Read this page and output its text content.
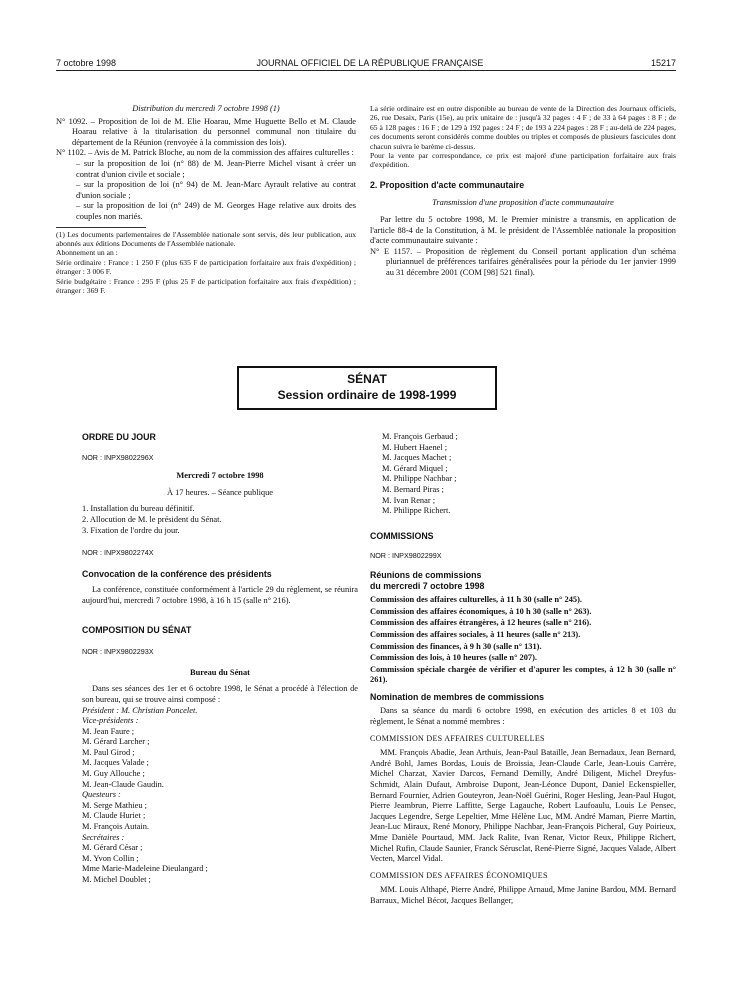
7 octobre 1998	JOURNAL OFFICIEL DE LA RÉPUBLIQUE FRANÇAISE	15217

Distribution du mercredi 7 octobre 1998 (1)

N° 1092. – Proposition de loi de M. Elie Hoarau, Mme Huguette Bello et M. Claude Hoarau relative à la titularisation du personnel communal non titulaire du département de la Réunion (renvoyée à la commission des lois).

N° 1102. – Avis de M. Patrick Bloche, au nom de la commission des affaires culturelles :

– sur la proposition de loi (n° 88) de M. Jean-Pierre Michel visant à créer un contrat d'union civile et sociale ;

– sur la proposition de loi (n° 94) de M. Jean-Marc Ayrault relative au contrat d'union sociale ;

– sur la proposition de loi (n° 249) de M. Georges Hage relative aux droits des couples non mariés.

(1) Les documents parlementaires de l'Assemblée nationale sont servis, dès leur publication, aux abonnés aux éditions Documents de l'Assemblée nationale.

Abonnement un an :

Série ordinaire : France : 1 250 F (plus 635 F de participation forfaitaire aux frais d'expédition) ; étranger : 3 006 F.

Série budgétaire : France : 295 F (plus 25 F de participation forfaitaire aux frais d'expédition) ; étranger : 369 F.

La série ordinaire est en outre disponible au bureau de vente de la Direction des Journaux officiels, 26, rue Desaix, Paris (15e), au prix unitaire de : jusqu'à 32 pages : 4 F ; de 33 à 64 pages : 8 F ; de 65 à 128 pages : 16 F ; de 129 à 192 pages : 24 F ; de 193 à 224 pages : 28 F ; au-delà de 224 pages, ces documents seront considérés comme doubles ou triples et composés de plusieurs fascicules dont chacun suivra le barème ci-dessus.

Pour la vente par correspondance, ce prix est majoré d'une participation forfaitaire aux frais d'expédition.

2. Proposition d'acte communautaire

Transmission d'une proposition d'acte communautaire

Par lettre du 5 octobre 1998, M. le Premier ministre a transmis, en application de l'article 88-4 de la Constitution, à M. le président de l'Assemblée nationale la proposition d'acte communautaire suivante :

N° E 1157. – Proposition de règlement du Conseil portant application d'un schéma pluriannuel de préférences tarifaires généralisées pour la période du 1er janvier 1999 au 31 décembre 2001 (COM [98] 521 final).

SÉNAT
Session ordinaire de 1998-1999

ORDRE DU JOUR

NOR : INPX9802296X

Mercredi 7 octobre 1998

À 17 heures. – Séance publique

1. Installation du bureau définitif.

2. Allocution de M. le président du Sénat.

3. Fixation de l'ordre du jour.

NOR : INPX9802274X

Convocation de la conférence des présidents

La conférence, constituée conformément à l'article 29 du règlement, se réunira aujourd'hui, mercredi 7 octobre 1998, à 16 h 15 (salle n° 216).

COMPOSITION DU SÉNAT

NOR : INPX9802293X

Bureau du Sénat

Dans ses séances des 1er et 6 octobre 1998, le Sénat a procédé à l'élection de son bureau, qui se trouve ainsi composé :

Président : M. Christian Poncelet.

Vice-présidents :

M. Jean Faure ;

M. Gérard Larcher ;

M. Paul Girod ;

M. Jacques Valade ;

M. Guy Allouche ;

M. Jean-Claude Gaudin.

Questeurs :

M. Serge Mathieu ;

M. Claude Huriet ;

M. François Autain.

Secrétaires :

M. Gérard César ;

M. Yvon Collin ;

Mme Marie-Madeleine Dieulangard ;

M. Michel Doublet ;

M. François Gerbaud ;

M. Hubert Haenel ;

M. Jacques Machet ;

M. Gérard Miquel ;

M. Philippe Nachbar ;

M. Bernard Piras ;

M. Ivan Renar ;

M. Philippe Richert.

COMMISSIONS

NOR : INPX9802299X

Réunions de commissions

du mercredi 7 octobre 1998

Commission des affaires culturelles, à 11 h 30 (salle n° 245).

Commission des affaires économiques, à 10 h 30 (salle n° 263).

Commission des affaires étrangères, à 12 heures (salle n° 216).

Commission des affaires sociales, à 11 heures (salle n° 213).

Commission des finances, à 9 h 30 (salle n° 131).

Commission des lois, à 10 heures (salle n° 207).

Commission spéciale chargée de vérifier et d'apurer les comptes, à 12 h 30 (salle n° 261).

Nomination de membres de commissions

Dans sa séance du mardi 6 octobre 1998, en exécution des articles 8 et 103 du règlement, le Sénat a nommé membres :

COMMISSION DES AFFAIRES CULTURELLES

MM. François Abadie, Jean Arthuis, Jean-Paul Bataille, Jean Bernadaux, Jean Bernard, André Bohl, James Bordas, Louis de Broissia, Jean-Claude Carle, Jean-Louis Carrère, Michel Charzat, Xavier Darcos, Fernand Demilly, André Diligent, Michel Dreyfus-Schmidt, Alain Dufaut, Ambroise Dupont, Jean-Léonce Dupont, Daniel Eckenspieller, Bernard Fournier, Adrien Gouteyron, Jean-Noël Guérini, Roger Hesling, Jean-Paul Hugot, Pierre Jeambrun, Pierre Laffitte, Serge Lagauche, Robert Laufoaulu, Louis Le Pensec, Jacques Legendre, Serge Lepeltier, Mme Hélène Luc, MM. André Maman, Pierre Martin, Jean-Luc Miraux, René Monory, Philippe Nachbar, Jean-François Picheral, Guy Poirieux, Mme Danièle Pourtaud, MM. Jack Ralite, Ivan Renar, Victor Reux, Philippe Richert, Michel Rufin, Claude Saunier, Franck Sérusclat, René-Pierre Signé, Jacques Valade, Albert Vecten, Marcel Vidal.

COMMISSION DES AFFAIRES ÉCONOMIQUES

MM. Louis Althapé, Pierre André, Philippe Arnaud, Mme Janine Bardou, MM. Bernard Barraux, Michel Bécot, Jacques Bellanger,
